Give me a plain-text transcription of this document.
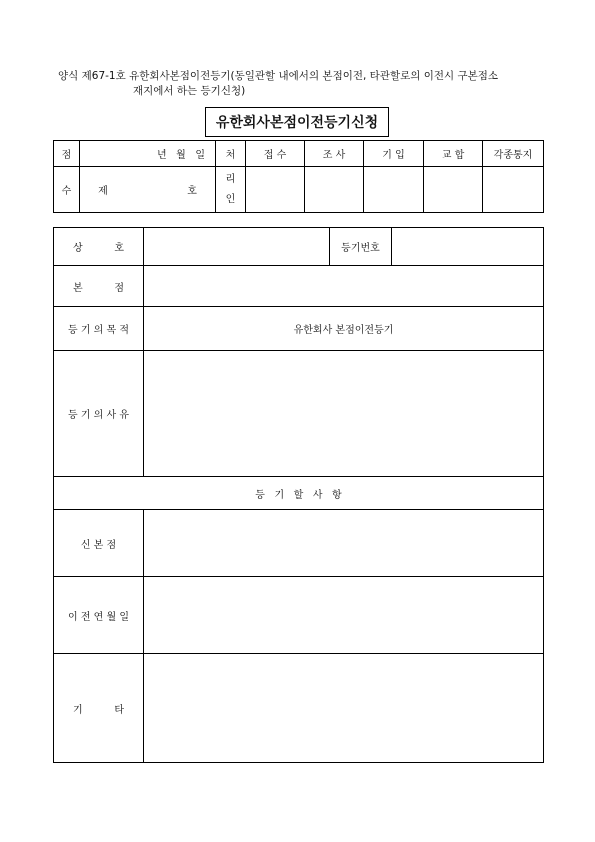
양식 제67-1호 유한회사본점이전등기(동일관할 내에서의 본점이전, 타관할로의 이전시 구본점소
재지에서 하는 등기신청)
유한회사본점이전등기신청
점	년   월   일	처	접 수	조 사	기 입	교 합	각종통지
수	제                         호	리
인					
상          호		등기번호	
본          점			
등 기 의 목 적	유한회사 본점이전등기		
등 기 의 사 유			
등   기   할   사   항			
신 본 점			
이 전 연 월 일			
기          타			
